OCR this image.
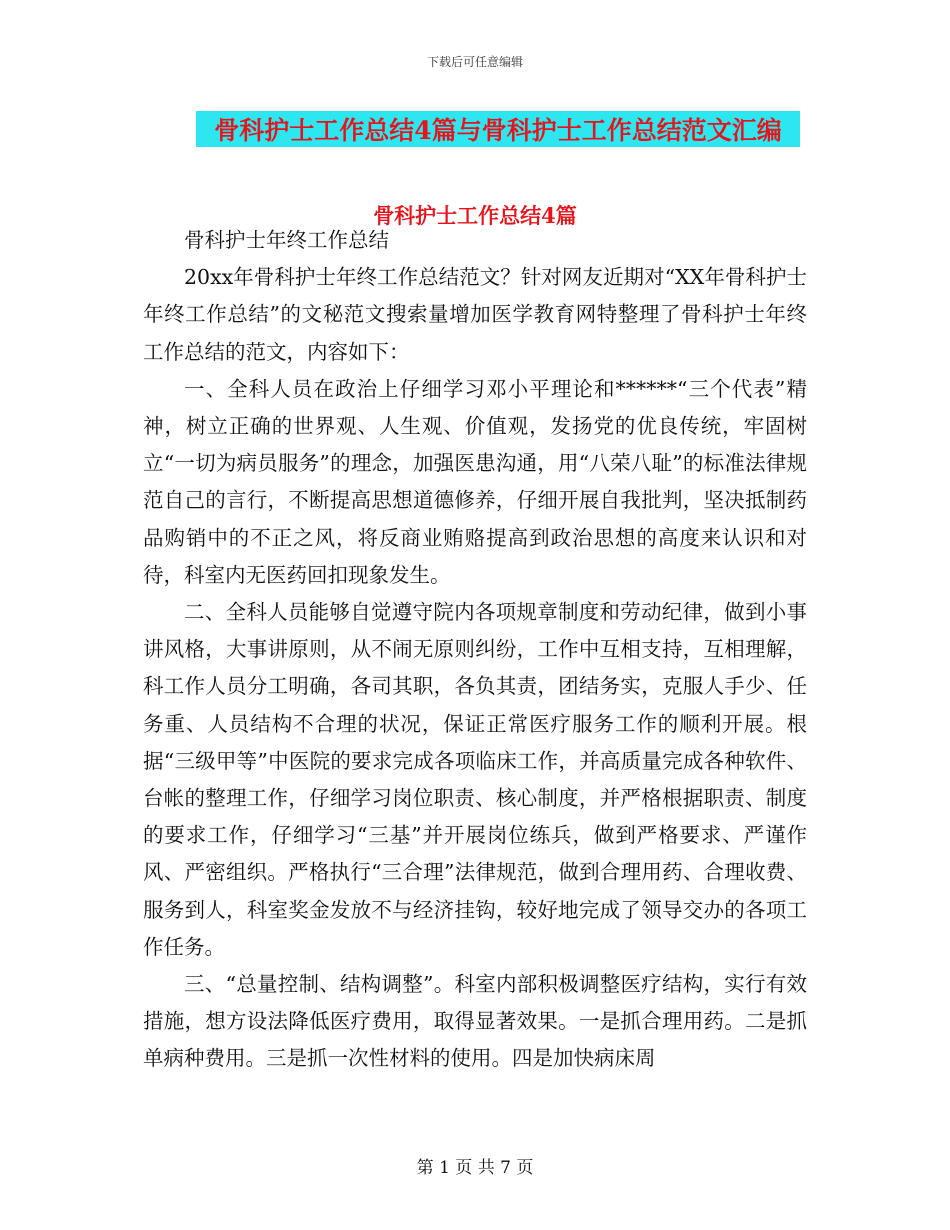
下载后可任意编辑
骨科护士工作总结4篇与骨科护士工作总结范文汇编
骨科护士工作总结4篇

骨科护士年终工作总结

20xx年骨科护士年终工作总结范文？针对网友近期对“XX年骨科护士年终工作总结”的文秘范文搜索量增加医学教育网特整理了骨科护士年终工作总结的范文，内容如下：

一、全科人员在政治上仔细学习邓小平理论和******“三个代表”精神，树立正确的世界观、人生观、价值观，发扬党的优良传统，牢固树立“一切为病员服务”的理念，加强医患沟通，用“八荣八耻”的标准法律规范自己的言行，不断提高思想道德修养，仔细开展自我批判，坚决抵制药品购销中的不正之风，将反商业贿赂提高到政治思想的高度来认识和对待，科室内无医药回扣现象发生。

二、全科人员能够自觉遵守院内各项规章制度和劳动纪律，做到小事讲风格，大事讲原则，从不闹无原则纠纷，工作中互相支持，互相理解，科工作人员分工明确，各司其职，各负其责，团结务实，克服人手少、任务重、人员结构不合理的状况，保证正常医疗服务工作的顺利开展。根据“三级甲等”中医院的要求完成各项临床工作，并高质量完成各种软件、台帐的整理工作，仔细学习岗位职责、核心制度，并严格根据职责、制度的要求工作，仔细学习“三基”并开展岗位练兵，做到严格要求、严谨作风、严密组织。严格执行“三合理”法律规范，做到合理用药、合理收费、服务到人，科室奖金发放不与经济挂钩，较好地完成了领导交办的各项工作任务。

三、“总量控制、结构调整”。科室内部积极调整医疗结构，实行有效措施，想方设法降低医疗费用，取得显著效果。一是抓合理用药。二是抓单病种费用。三是抓一次性材料的使用。四是加快病床周

第 1 页 共 7 页
